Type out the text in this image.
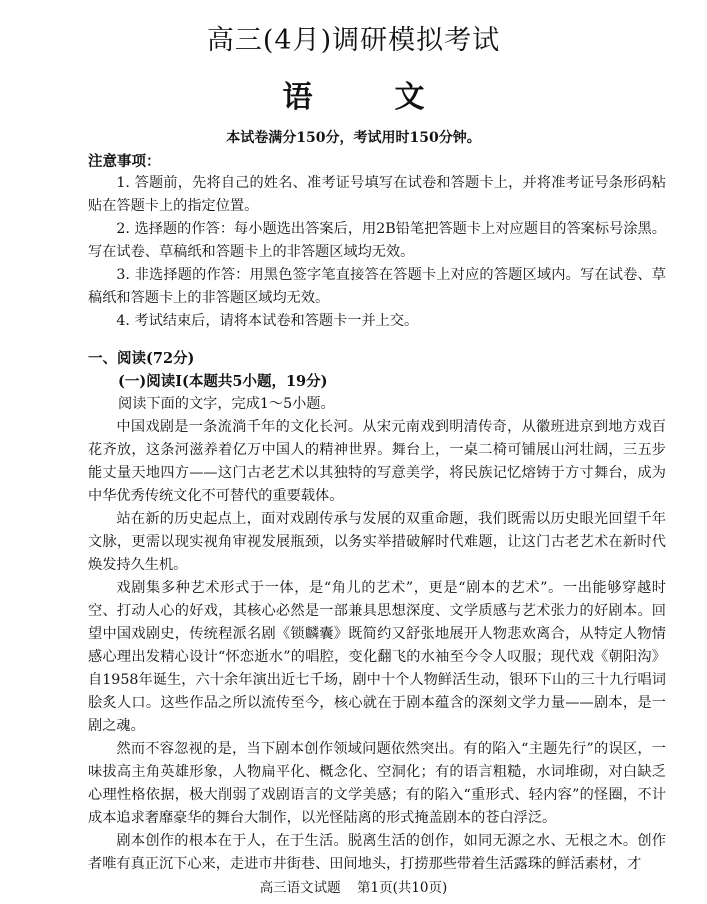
高三(4月)调研模拟考试
语　文
本试卷满分150分，考试用时150分钟。
注意事项：

1. 答题前，先将自己的姓名、准考证号填写在试卷和答题卡上，并将准考证号条形码粘贴在答题卡上的指定位置。

2. 选择题的作答：每小题选出答案后，用2B铅笔把答题卡上对应题目的答案标号涂黑。写在试卷、草稿纸和答题卡上的非答题区域均无效。

3. 非选择题的作答：用黑色签字笔直接答在答题卡上对应的答题区域内。写在试卷、草稿纸和答题卡上的非答题区域均无效。

4. 考试结束后，请将本试卷和答题卡一并上交。

一、阅读(72分)
(一)阅读Ⅰ(本题共5小题，19分)
阅读下面的文字，完成1～5小题。

中国戏剧是一条流淌千年的文化长河。从宋元南戏到明清传奇，从徽班进京到地方戏百花齐放，这条河滋养着亿万中国人的精神世界。舞台上，一桌二椅可铺展山河壮阔，三五步能丈量天地四方——这门古老艺术以其独特的写意美学，将民族记忆熔铸于方寸舞台，成为中华优秀传统文化不可替代的重要载体。

站在新的历史起点上，面对戏剧传承与发展的双重命题，我们既需以历史眼光回望千年文脉，更需以现实视角审视发展瓶颈，以务实举措破解时代难题，让这门古老艺术在新时代焕发持久生机。

戏剧集多种艺术形式于一体，是“角儿的艺术”，更是“剧本的艺术”。一出能够穿越时空、打动人心的好戏，其核心必然是一部兼具思想深度、文学质感与艺术张力的好剧本。回望中国戏剧史，传统程派名剧《锁麟囊》既简约又舒张地展开人物悲欢离合，从特定人物情感心理出发精心设计“怀恋逝水”的唱腔，变化翻飞的水袖至今令人叹服；现代戏《朝阳沟》自1958年诞生，六十余年演出近七千场，剧中十个人物鲜活生动，银环下山的三十九行唱词脍炙人口。这些作品之所以流传至今，核心就在于剧本蕴含的深刻文学力量——剧本，是一剧之魂。

然而不容忽视的是，当下剧本创作领域问题依然突出。有的陷入“主题先行”的误区，一味拔高主角英雄形象，人物扁平化、概念化、空洞化；有的语言粗糙，水词堆砌，对白缺乏心理性格依据，极大削弱了戏剧语言的文学美感；有的陷入“重形式、轻内容”的怪圈，不计成本追求奢靡豪华的舞台大制作，以光怪陆离的形式掩盖剧本的苍白浮泛。

剧本创作的根本在于人，在于生活。脱离生活的创作，如同无源之水、无根之木。创作者唯有真正沉下心来，走进市井街巷、田间地头，打捞那些带着生活露珠的鲜活素材，才

高三语文试题 第1页(共10页)
